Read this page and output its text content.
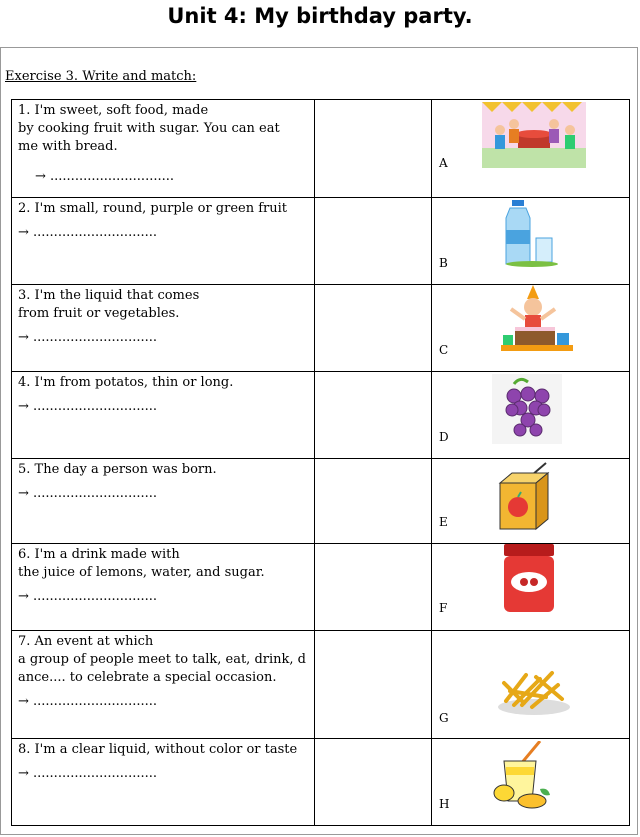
Unit 4: My birthday party.
Exercise 3. Write and match:
1. I'm sweet, soft food, made
by cooking fruit with sugar. You can eat
me with bread.
→ ..............................		A

2. I'm small, round, purple or green fruit
→ ..............................		B

3. I'm the liquid that comes
from fruit or vegetables.
→ ..............................		C

4. I'm from potatos, thin or long.
→ ..............................		D

5. The day a person was born.
→ ..............................		E

6. I'm a drink made with
the juice of lemons, water, and sugar.
→ ..............................		F

7. An event at which
a group of people meet to talk, eat, drink, d
ance.... to celebrate a special occasion.
→ ..............................		G

8. I'm a clear liquid, without color or taste
→ ..............................		H
